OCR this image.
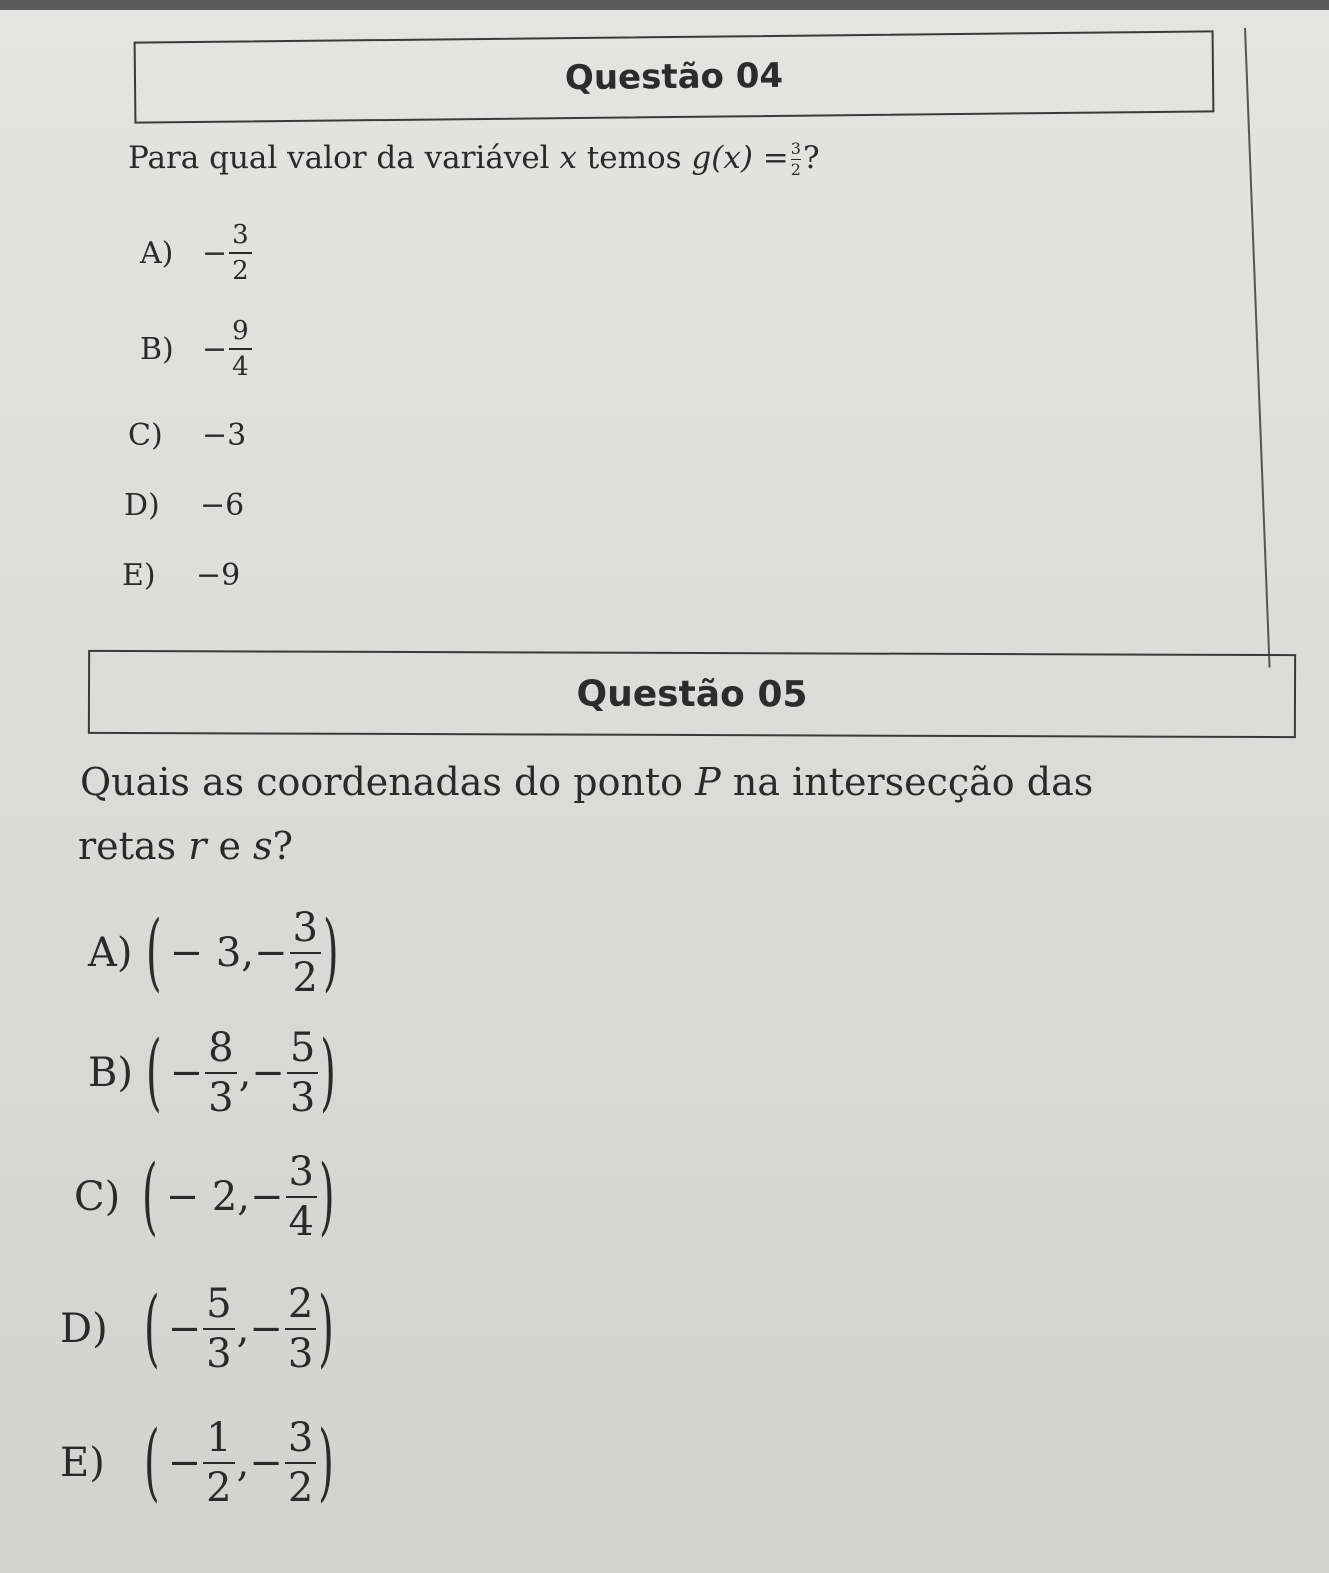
Questão 04
Para qual valor da variável x temos $g(x) = \frac{3}{2}$ ?
$A) - \frac{3}{2}$
$B) - \frac{9}{4}$
C)	−3
D)	−6
E)	−9
Questão 05
Quais as coordenadas do ponto P na intersecção das
retas r e s?
A) ( − 3, − $\frac{3}{2}$ )
B) ( − $\frac{8}{3}$ , − $\frac{5}{3}$ )
C) ( − 2, − $\frac{3}{4}$ )
D) ( − $\frac{5}{3}$ , − $\frac{2}{3}$ )
E) ( − $\frac{1}{2}$ , − $\frac{3}{2}$ )
